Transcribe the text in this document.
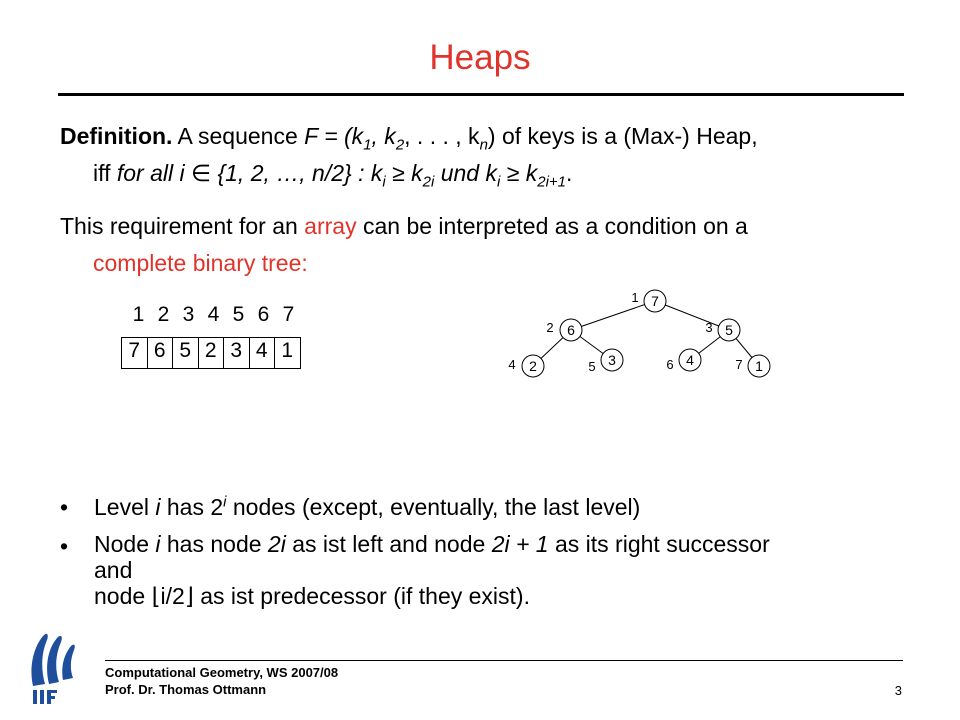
Heaps
Definition. A sequence $F = (k_1$, $k_2$, . . . , $k_n$) of keys is a (Max-) Heap,
iff for all i ∈ {1, 2, …, n/2} : $k_i \ge k_{2i}$ und $k_i \ge k_{2i+1}$.
This requirement for an array can be interpreted as a condition on a
complete binary tree:
1 2 3 4 5 6 7
7 6 5 2 3 4 1
7
6	5
2	3	4	1
1
2	3
4	5	6	7
•	Level i has 2$^i$ nodes (except, eventually, the last level)
•	Node i has node 2i as ist left and node 2i + 1 as its right successor
and
node ⌊i/2⌋ as ist predecessor (if they exist).
Computational Geometry, WS 2007/08
Prof. Dr. Thomas Ottmann	3
